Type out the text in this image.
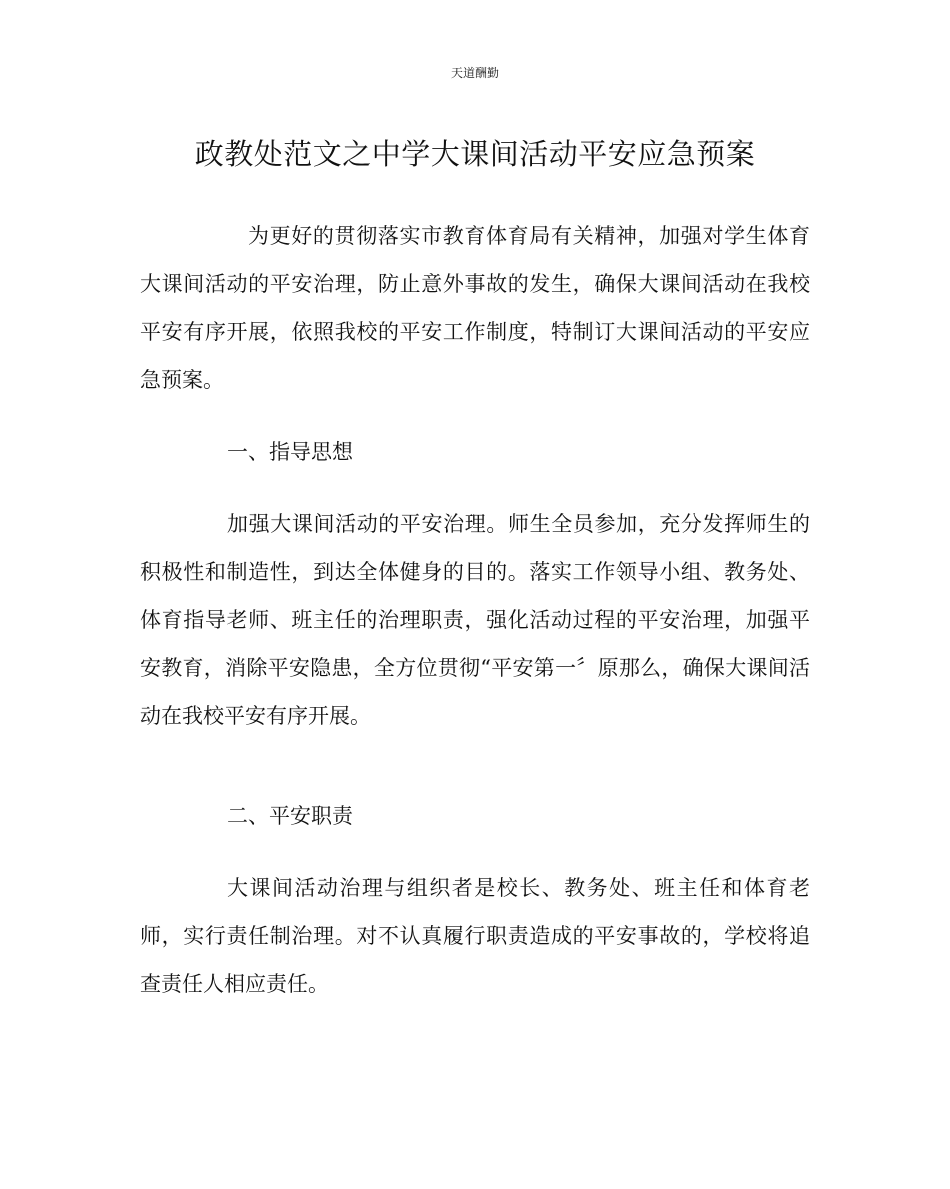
天道酬勤
政教处范文之中学大课间活动平安应急预案

为更好的贯彻落实市教育体育局有关精神，加强对学生体育大课间活动的平安治理，防止意外事故的发生，确保大课间活动在我校平安有序开展，依照我校的平安工作制度，特制订大课间活动的平安应急预案。

一、指导思想

加强大课间活动的平安治理。师生全员参加，充分发挥师生的积极性和制造性，到达全体健身的目的。落实工作领导小组、教务处、体育指导老师、班主任的治理职责，强化活动过程的平安治理，加强平安教育，消除平安隐患，全方位贯彻“平安第一〞原那么，确保大课间活动在我校平安有序开展。

二、平安职责

大课间活动治理与组织者是校长、教务处、班主任和体育老师，实行责任制治理。对不认真履行职责造成的平安事故的，学校将追查责任人相应责任。
